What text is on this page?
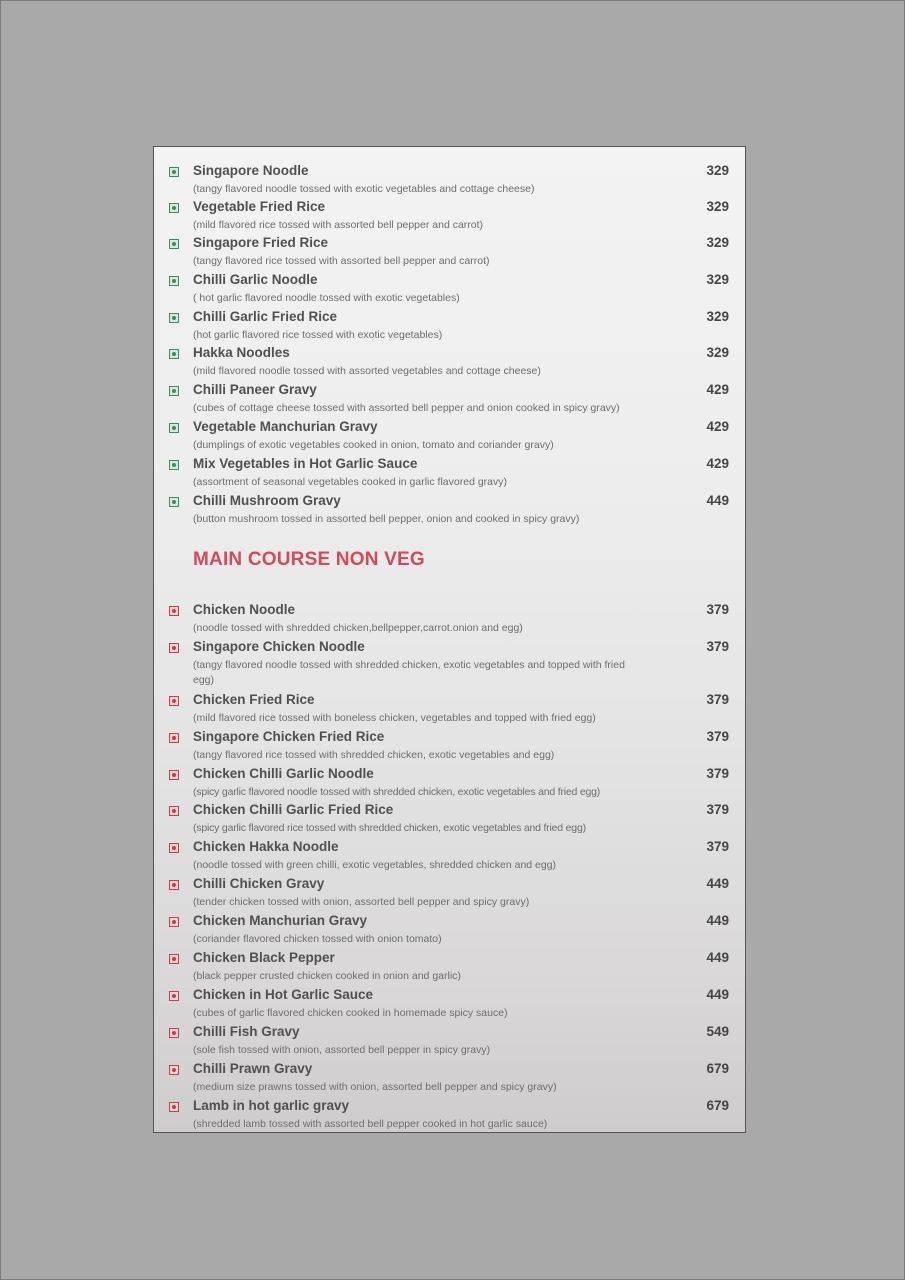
Singapore Noodle
(tangy flavored noodle tossed with exotic vegetables and cottage cheese)
329
Vegetable Fried Rice
(mild flavored rice tossed with assorted bell pepper and carrot)
329
Singapore Fried Rice
(tangy flavored rice tossed with assorted bell pepper and carrot)
329
Chilli Garlic Noodle
( hot garlic flavored noodle tossed with exotic vegetables)
329
Chilli Garlic Fried Rice
(hot garlic flavored rice tossed with exotic vegetables)
329
Hakka Noodles
(mild flavored noodle tossed with assorted vegetables and cottage cheese)
329
Chilli Paneer Gravy
(cubes of cottage cheese tossed with assorted bell pepper and onion cooked in spicy gravy)
429
Vegetable Manchurian Gravy
(dumplings of exotic vegetables cooked in onion, tomato and coriander gravy)
429
Mix Vegetables in Hot Garlic Sauce
(assortment of seasonal vegetables cooked in garlic flavored gravy)
429
Chilli Mushroom Gravy
(button mushroom tossed in assorted bell pepper, onion and cooked in spicy gravy)
449
MAIN COURSE NON VEG
Chicken Noodle
(noodle tossed with shredded chicken,bellpepper,carrot.onion and egg)
379
Singapore Chicken Noodle
(tangy flavored noodle tossed with shredded chicken, exotic vegetables and topped with fried egg)
379
Chicken Fried Rice
(mild flavored rice tossed with boneless chicken, vegetables and topped with fried egg)
379
Singapore Chicken Fried Rice
(tangy flavored rice tossed with shredded chicken, exotic vegetables and egg)
379
Chicken Chilli Garlic Noodle
(spicy garlic flavored noodle tossed with shredded chicken, exotic vegetables and fried egg)
379
Chicken Chilli Garlic Fried Rice
(spicy garlic flavored rice tossed with shredded chicken, exotic vegetables and fried egg)
379
Chicken Hakka Noodle
(noodle tossed with green chilli, exotic vegetables, shredded chicken and egg)
379
Chilli Chicken Gravy
(tender chicken tossed with onion, assorted bell pepper and spicy gravy)
449
Chicken Manchurian Gravy
(coriander flavored chicken tossed with onion tomato)
449
Chicken Black Pepper
(black pepper crusted chicken cooked in onion and garlic)
449
Chicken in Hot Garlic Sauce
(cubes of garlic flavored chicken cooked in homemade spicy sauce)
449
Chilli Fish Gravy
(sole fish tossed with onion, assorted bell pepper in spicy gravy)
549
Chilli Prawn Gravy
(medium size prawns tossed with onion, assorted bell pepper and spicy gravy)
679
Lamb in hot garlic gravy
(shredded lamb tossed with assorted bell pepper cooked in hot garlic sauce)
679
